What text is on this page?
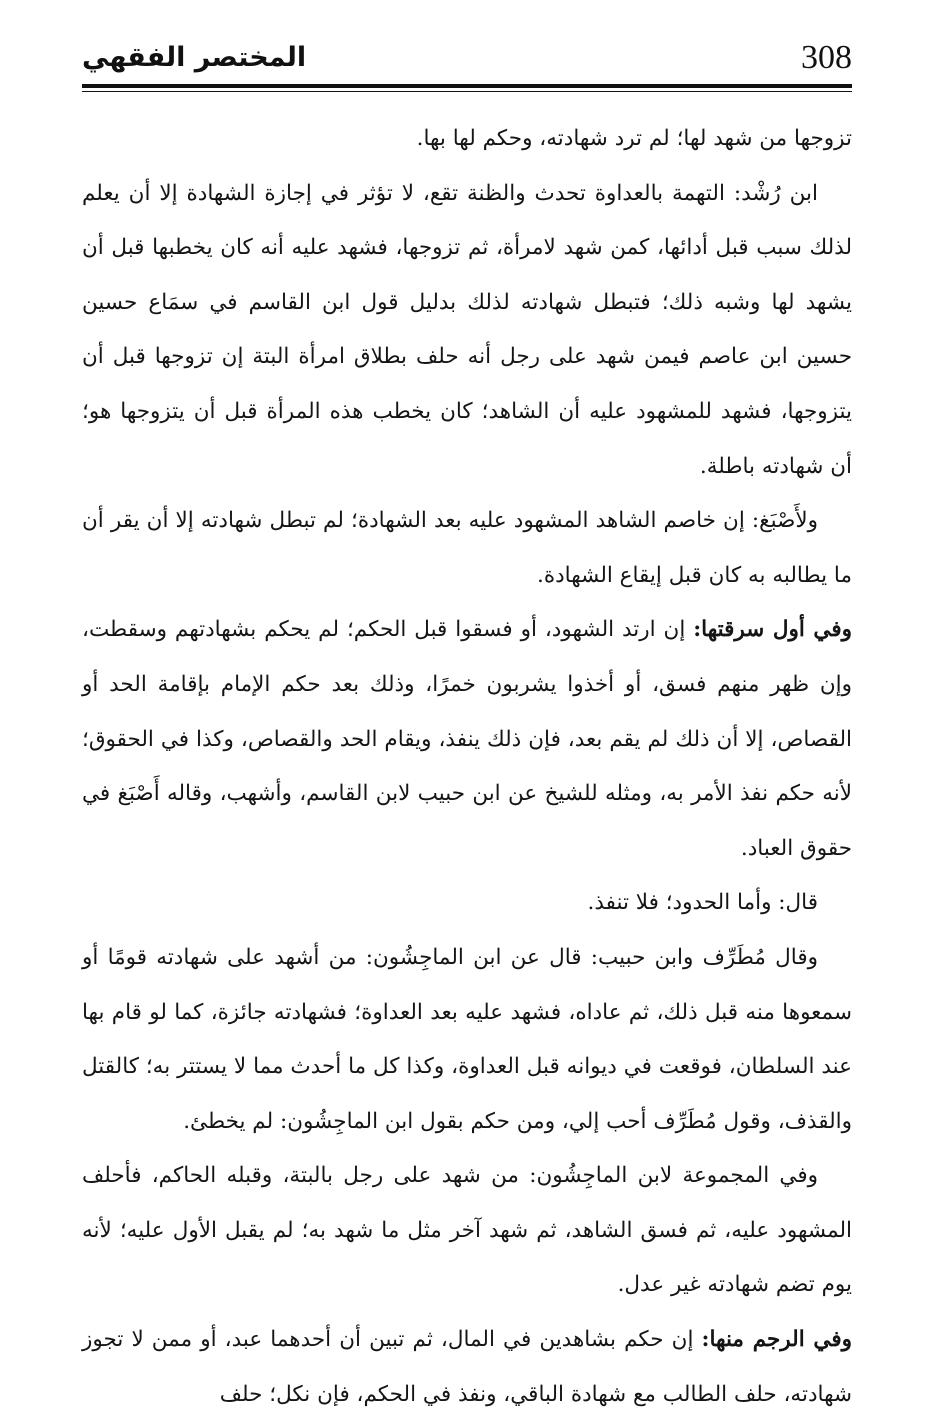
المختصر الفقهي	308

تزوجها من شهد لها؛ لم ترد شهادته، وحكم لها بها.

ابن رُشْد: التهمة بالعداوة تحدث والظنة تقع، لا تؤثر في إجازة الشهادة إلا أن يعلم لذلك سبب قبل أدائها، كمن شهد لامرأة، ثم تزوجها، فشهد عليه أنه كان يخطبها قبل أن يشهد لها وشبه ذلك؛ فتبطل شهادته لذلك بدليل قول ابن القاسم في سمَاع حسين حسين ابن عاصم فيمن شهد على رجل أنه حلف بطلاق امرأة البتة إن تزوجها قبل أن يتزوجها، فشهد للمشهود عليه أن الشاهد؛ كان يخطب هذه المرأة قبل أن يتزوجها هو؛ أن شهادته باطلة.

ولأَصْبَغ: إن خاصم الشاهد المشهود عليه بعد الشهادة؛ لم تبطل شهادته إلا أن يقر أن ما يطالبه به كان قبل إيقاع الشهادة.

وفي أول سرقتها: إن ارتد الشهود، أو فسقوا قبل الحكم؛ لم يحكم بشهادتهم وسقطت، وإن ظهر منهم فسق، أو أخذوا يشربون خمرًا، وذلك بعد حكم الإمام بإقامة الحد أو القصاص، إلا أن ذلك لم يقم بعد، فإن ذلك ينفذ، ويقام الحد والقصاص، وكذا في الحقوق؛ لأنه حكم نفذ الأمر به، ومثله للشيخ عن ابن حبيب لابن القاسم، وأشهب، وقاله أَصْبَغ في حقوق العباد.

قال: وأما الحدود؛ فلا تنفذ.

وقال مُطَرِّف وابن حبيب: قال عن ابن الماجِشُون: من أشهد على شهادته قومًا أو سمعوها منه قبل ذلك، ثم عاداه، فشهد عليه بعد العداوة؛ فشهادته جائزة، كما لو قام بها عند السلطان، فوقعت في ديوانه قبل العداوة، وكذا كل ما أحدث مما لا يستتر به؛ كالقتل والقذف، وقول مُطَرِّف أحب إلي، ومن حكم بقول ابن الماجِشُون: لم يخطئ.

وفي المجموعة لابن الماجِشُون: من شهد على رجل بالبتة، وقبله الحاكم، فأحلف المشهود عليه، ثم فسق الشاهد، ثم شهد آخر مثل ما شهد به؛ لم يقبل الأول عليه؛ لأنه يوم تضم شهادته غير عدل.

وفي الرجم منها: إن حكم بشاهدين في المال، ثم تبين أن أحدهما عبد، أو ممن لا تجوز شهادته، حلف الطالب مع شهادة الباقي، ونفذ في الحكم، فإن نكل؛ حلف
